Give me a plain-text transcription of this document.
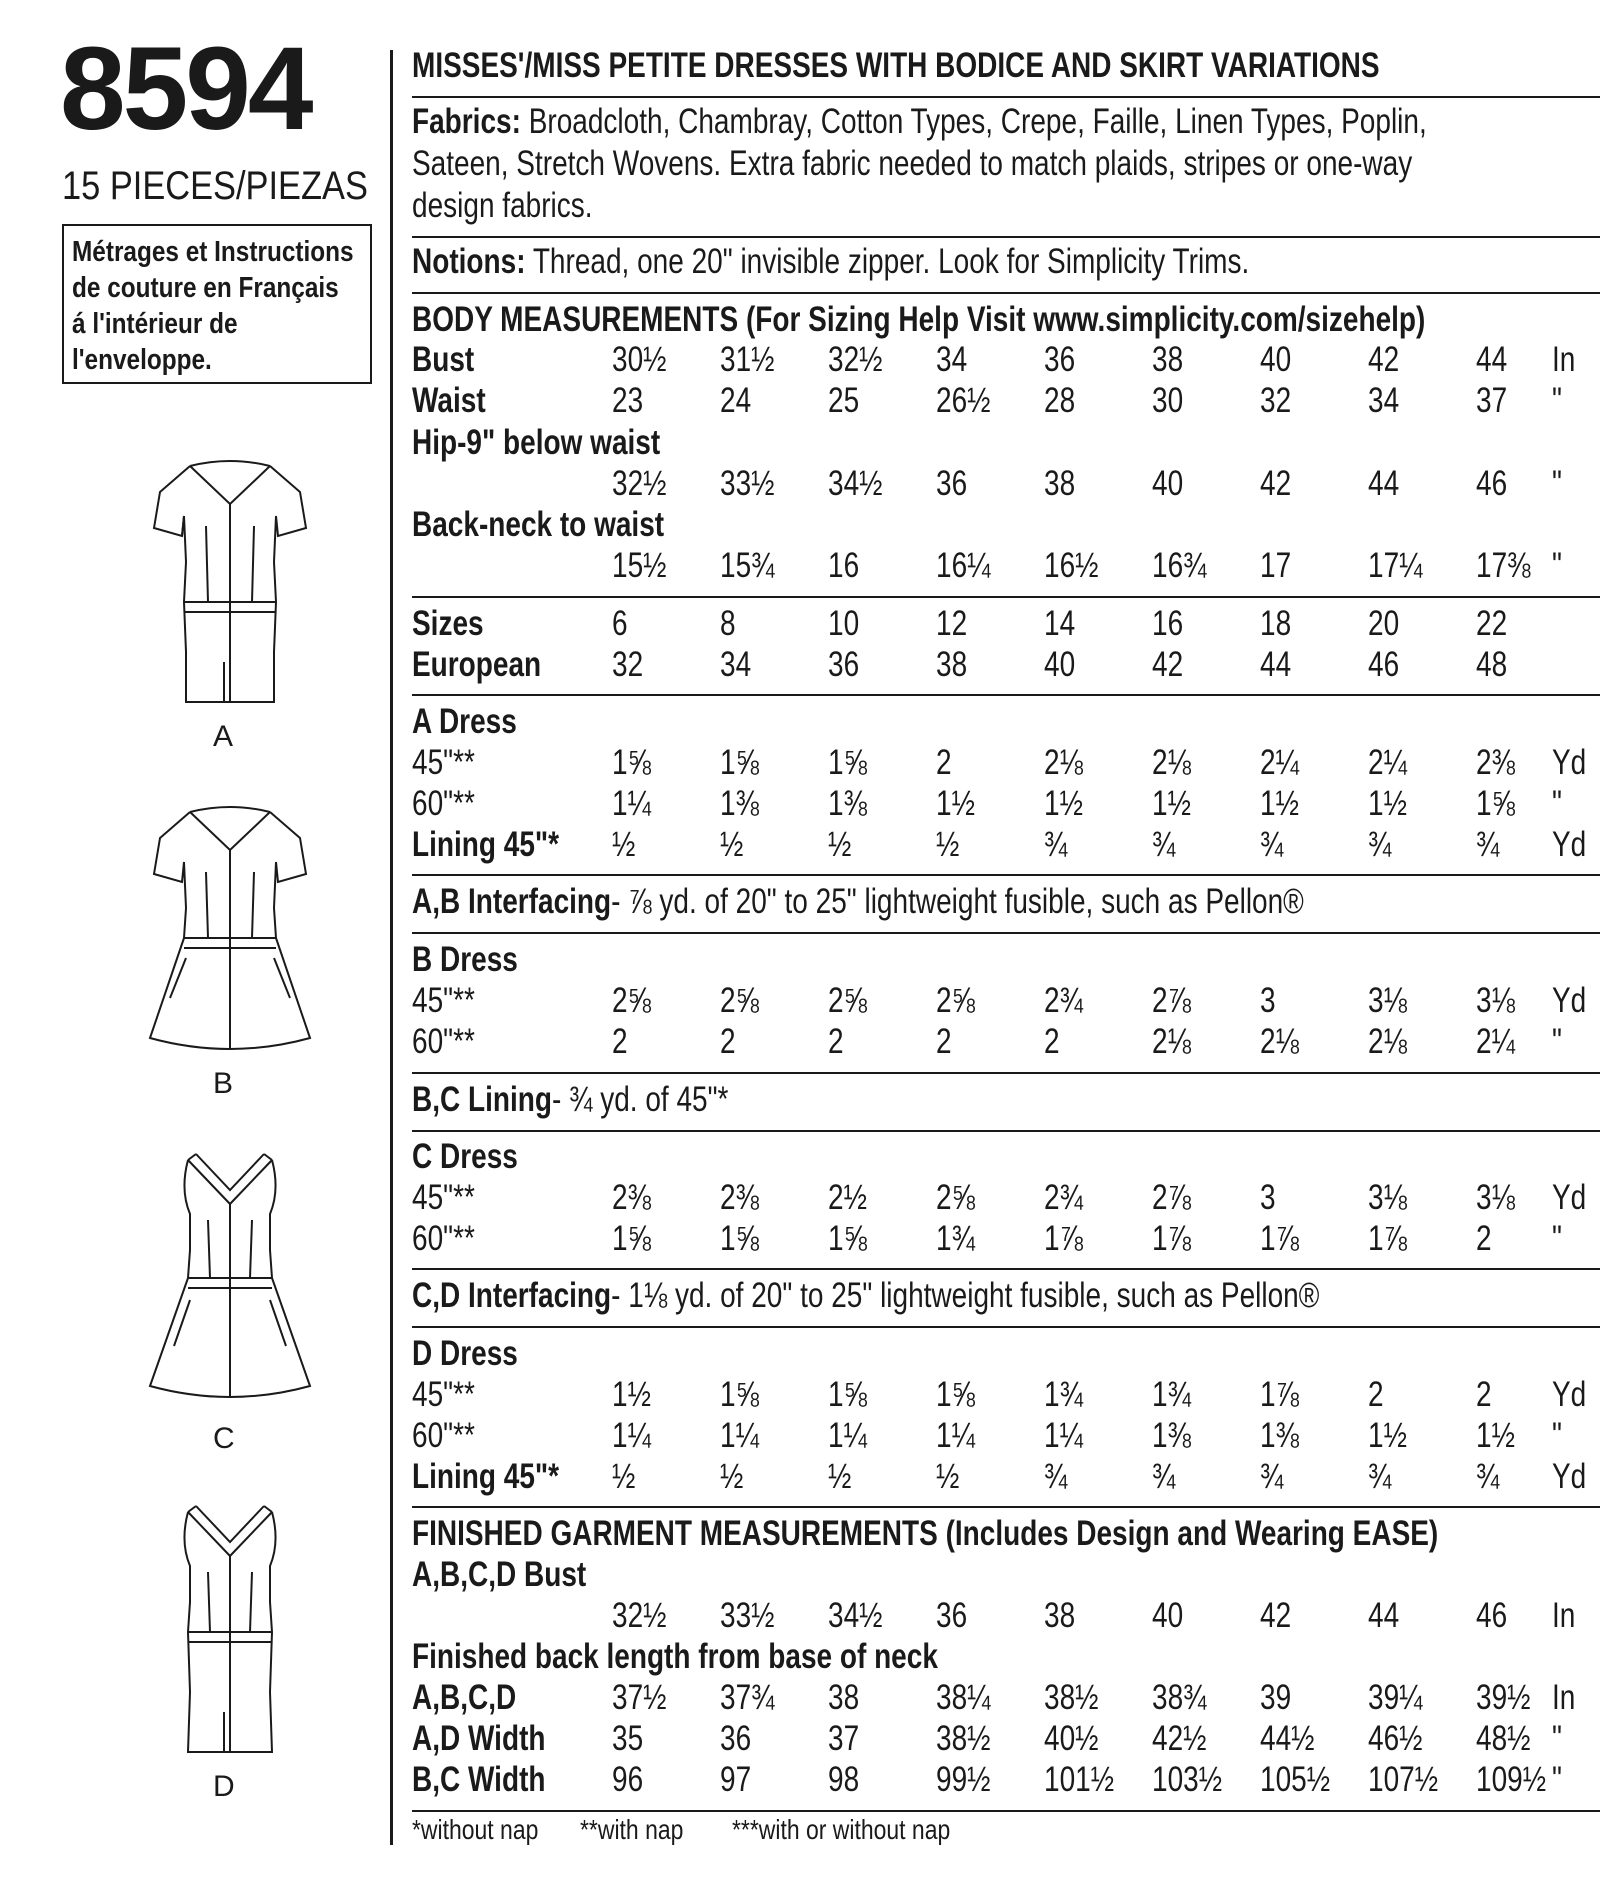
8594
15 PIECES/PIEZAS
Métrages et Instructions
de couture en Français
á l'intérieur de
l'enveloppe.
A
B
C
D
MISSES'/MISS PETITE DRESSES WITH BODICE AND SKIRT VARIATIONS
Fabrics: Broadcloth, Chambray, Cotton Types, Crepe, Faille, Linen Types, Poplin,
Sateen, Stretch Wovens. Extra fabric needed to match plaids, stripes or one-way
design fabrics.
Notions: Thread, one 20" invisible zipper. Look for Simplicity Trims.
BODY MEASUREMENTS (For Sizing Help Visit www.simplicity.com/sizehelp)
Bust	30½ 31½ 32½ 34 36 38 40 42 44 In
Waist	23 24 25 26½ 28 30 32 34 37 "
Hip-9" below waist
32½ 33½ 34½ 36 38 40 42 44 46 "
Back-neck to waist
15½ 15¾ 16 16¼ 16½ 16¾ 17 17¼ 17⅜ "
Sizes	6	8	10 12 14 16 18 20 22
European 32 34 36 38 40 42 44 46 48
A Dress
45"**	1⅝ 1⅝ 1⅝ 2	2⅛ 2⅛ 2¼ 2¼ 2⅜ Yd
60"**	1¼ 1⅜ 1⅜ 1½ 1½ 1½ 1½ 1½ 1⅝ "
Lining 45"* ½ ½ ½ ½ ¾ ¾ ¾ ¾ ¾ Yd
A,B Interfacing- ⅞ yd. of 20" to 25" lightweight fusible, such as Pellon®
B Dress
45"**	2⅝ 2⅝ 2⅝ 2⅝ 2¾ 2⅞ 3	3⅛ 3⅛ Yd
60"**	2	2	2	2	2	2⅛ 2⅛ 2⅛ 2¼ "
B,C Lining- ¾ yd. of 45"*
C Dress
45"**	2⅜ 2⅜ 2½ 2⅝ 2¾ 2⅞ 3	3⅛ 3⅛ Yd
60"**	1⅝ 1⅝ 1⅝ 1¾ 1⅞ 1⅞ 1⅞ 1⅞ 2 "
C,D Interfacing- 1⅛ yd. of 20" to 25" lightweight fusible, such as Pellon®
D Dress
45"**	1½ 1⅝ 1⅝ 1⅝ 1¾ 1¾ 1⅞ 2	2 Yd
60"**	1¼ 1¼ 1¼ 1¼ 1¼ 1⅜ 1⅜ 1½ 1½ "
Lining 45"* ½ ½ ½ ½ ¾ ¾ ¾ ¾ ¾ Yd
FINISHED GARMENT MEASUREMENTS (Includes Design and Wearing EASE)
A,B,C,D Bust
32½ 33½ 34½ 36 38 40 42 44 46 In
Finished back length from base of neck
A,B,C,D	37½ 37¾ 38 38¼ 38½ 38¾ 39 39¼ 39½ In
A,D Width 35 36 37 38½ 40½ 42½ 44½ 46½ 48½ "
B,C Width 96 97 98 99½ 101½ 103½ 105½ 107½ 109½ "
*without nap **with nap ***with or without nap
